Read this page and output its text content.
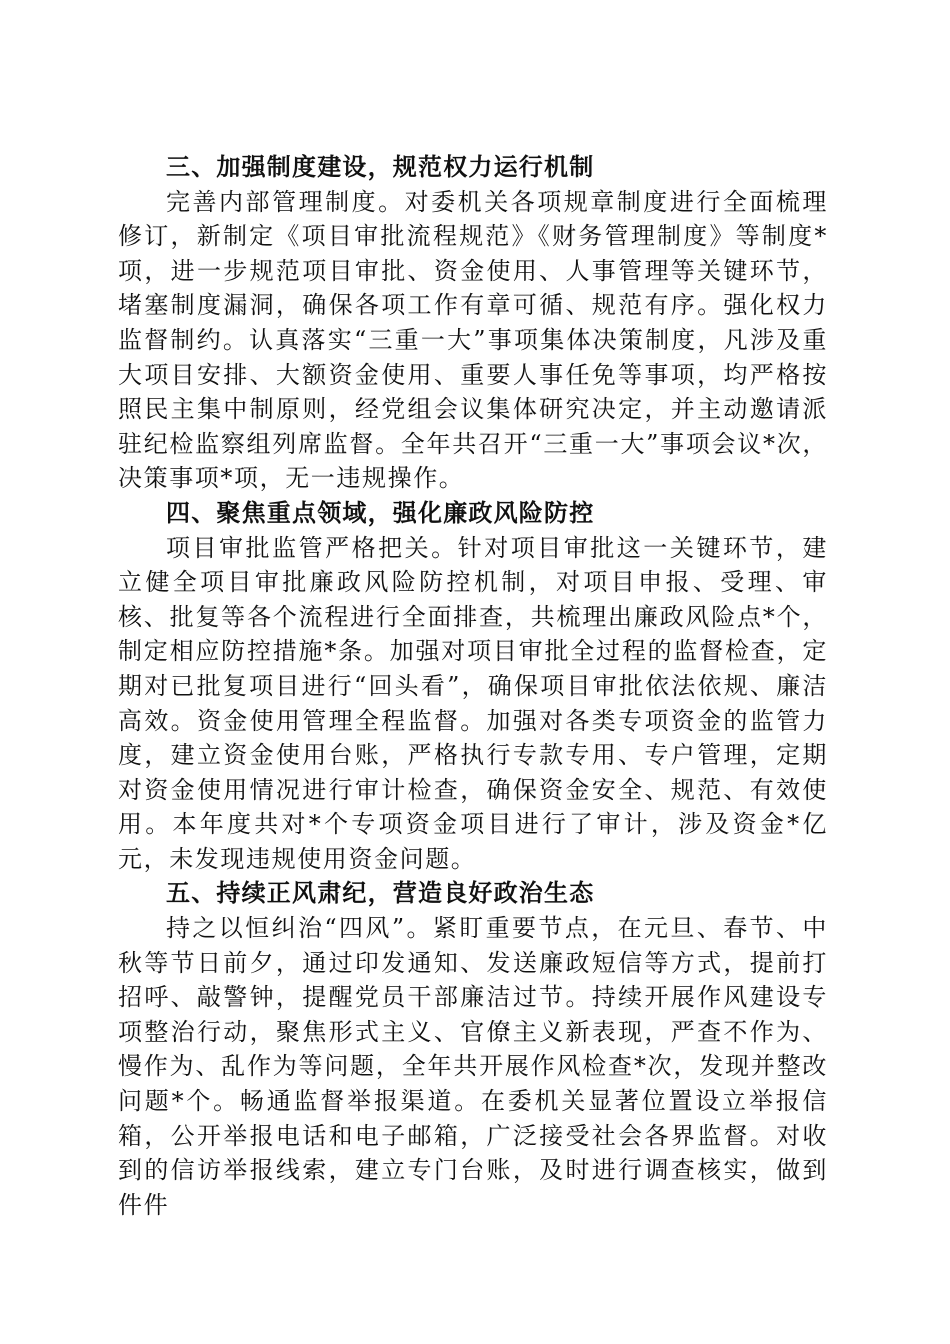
三、加强制度建设，规范权力运行机制

完善内部管理制度。对委机关各项规章制度进行全面梳理修订，新制定《项目审批流程规范》《财务管理制度》等制度*项，进一步规范项目审批、资金使用、人事管理等关键环节，堵塞制度漏洞，确保各项工作有章可循、规范有序。强化权力监督制约。认真落实“三重一大”事项集体决策制度，凡涉及重大项目安排、大额资金使用、重要人事任免等事项，均严格按照民主集中制原则，经党组会议集体研究决定，并主动邀请派驻纪检监察组列席监督。全年共召开“三重一大”事项会议*次，决策事项*项，无一违规操作。

四、聚焦重点领域，强化廉政风险防控

项目审批监管严格把关。针对项目审批这一关键环节，建立健全项目审批廉政风险防控机制，对项目申报、受理、审核、批复等各个流程进行全面排查，共梳理出廉政风险点*个，制定相应防控措施*条。加强对项目审批全过程的监督检查，定期对已批复项目进行“回头看”，确保项目审批依法依规、廉洁高效。资金使用管理全程监督。加强对各类专项资金的监管力度，建立资金使用台账，严格执行专款专用、专户管理，定期对资金使用情况进行审计检查，确保资金安全、规范、有效使用。本年度共对*个专项资金项目进行了审计，涉及资金*亿元，未发现违规使用资金问题。

五、持续正风肃纪，营造良好政治生态

持之以恒纠治“四风”。紧盯重要节点，在元旦、春节、中秋等节日前夕，通过印发通知、发送廉政短信等方式，提前打招呼、敲警钟，提醒党员干部廉洁过节。持续开展作风建设专项整治行动，聚焦形式主义、官僚主义新表现，严查不作为、慢作为、乱作为等问题，全年共开展作风检查*次，发现并整改问题*个。畅通监督举报渠道。在委机关显著位置设立举报信箱，公开举报电话和电子邮箱，广泛接受社会各界监督。对收到的信访举报线索，建立专门台账，及时进行调查核实，做到件件
